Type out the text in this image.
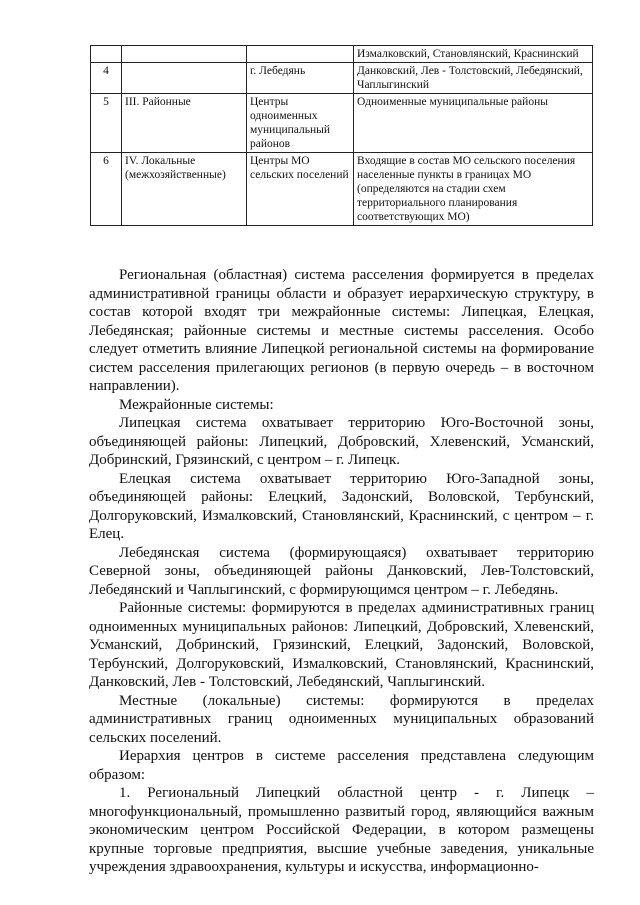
			Измалковский, Становлянский, Краснинский
4		г. Лебедянь	Данковский, Лев - Толстовский, Лебедянский, Чаплыгинский
5	III. Районные	Центры одноименных муниципальный районов	Одноименные муниципальные районы
6	IV. Локальные (межхозяйственные)	Центры МО сельских поселений	Входящие в состав МО сельского поселения населенные пункты в границах МО (определяются на стадии схем территориального планирования соответствующих МО)

Региональная (областная) система расселения формируется в пределах административной границы области и образует иерархическую структуру, в состав которой входят три межрайонные системы: Липецкая, Елецкая, Лебедянская; районные системы и местные системы расселения. Особо следует отметить влияние Липецкой региональной системы на формирование систем расселения прилегающих регионов (в первую очередь – в восточном направлении).

Межрайонные системы:

Липецкая система охватывает территорию Юго-Восточной зоны, объединяющей районы: Липецкий, Добровский, Хлевенский, Усманский, Добринский, Грязинский, с центром – г. Липецк.

Елецкая система охватывает территорию Юго-Западной зоны, объединяющей районы: Елецкий, Задонский, Воловской, Тербунский, Долгоруковский, Измалковский, Становлянский, Краснинский, с центром – г. Елец.

Лебедянская система (формирующаяся) охватывает территорию Северной зоны, объединяющей районы Данковский, Лев-Толстовский, Лебедянский и Чаплыгинский, с формирующимся центром – г. Лебедянь.

Районные системы: формируются в пределах административных границ одноименных муниципальных районов: Липецкий, Добровский, Хлевенский, Усманский, Добринский, Грязинский, Елецкий, Задонский, Воловской, Тербунский, Долгоруковский, Измалковский, Становлянский, Краснинский, Данковский, Лев - Толстовский, Лебедянский, Чаплыгинский.

Местные (локальные) системы: формируются в пределах административных границ одноименных муниципальных образований сельских поселений.

Иерархия центров в системе расселения представлена следующим образом:

1. Региональный Липецкий областной центр - г. Липецк – многофункциональный, промышленно развитый город, являющийся важным экономическим центром Российской Федерации, в котором размещены крупные торговые предприятия, высшие учебные заведения, уникальные учреждения здравоохранения, культуры и искусства, информационно-
